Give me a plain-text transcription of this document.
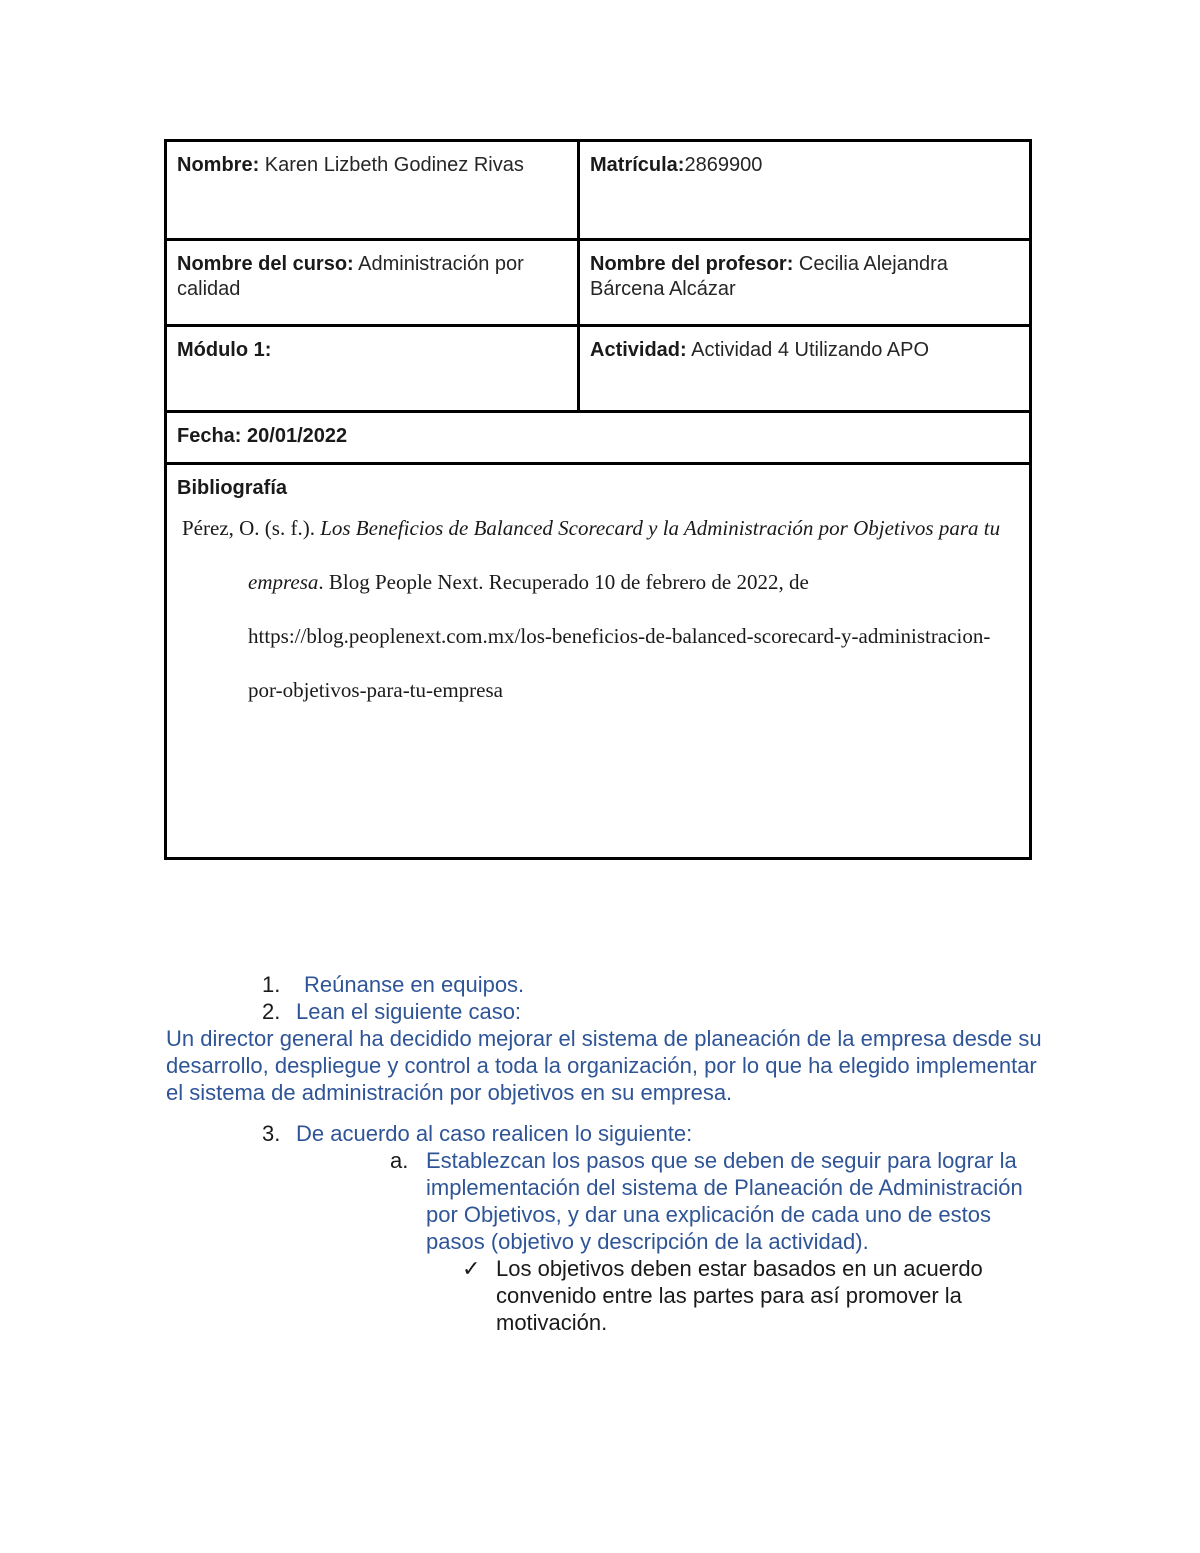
Nombre: Karen Lizbeth Godinez Rivas	Matrícula:2869900
Nombre del curso: Administración por calidad	Nombre del profesor: Cecilia Alejandra Bárcena Alcázar
Módulo 1:	Actividad: Actividad 4 Utilizando APO
Fecha: 20/01/2022	
Bibliografía

Pérez, O. (s. f.). Los Beneficios de Balanced Scorecard y la Administración por Objetivos para tu empresa. Blog People Next. Recuperado 10 de febrero de 2022, de https://blog.peoplenext.com.mx/los-beneficios-de-balanced-scorecard-y-administracion-por-objetivos-para-tu-empresa	

1. Reúnanse en equipos.

2. Lean el siguiente caso:

Un director general ha decidido mejorar el sistema de planeación de la empresa desde su desarrollo, despliegue y control a toda la organización, por lo que ha elegido implementar el sistema de administración por objetivos en su empresa.

3. De acuerdo al caso realicen lo siguiente:

a. Establezcan los pasos que se deben de seguir para lograr la implementación del sistema de Planeación de Administración por Objetivos, y dar una explicación de cada uno de estos pasos (objetivo y descripción de la actividad).

✓ Los objetivos deben estar basados en un acuerdo convenido entre las partes para así promover la motivación.
